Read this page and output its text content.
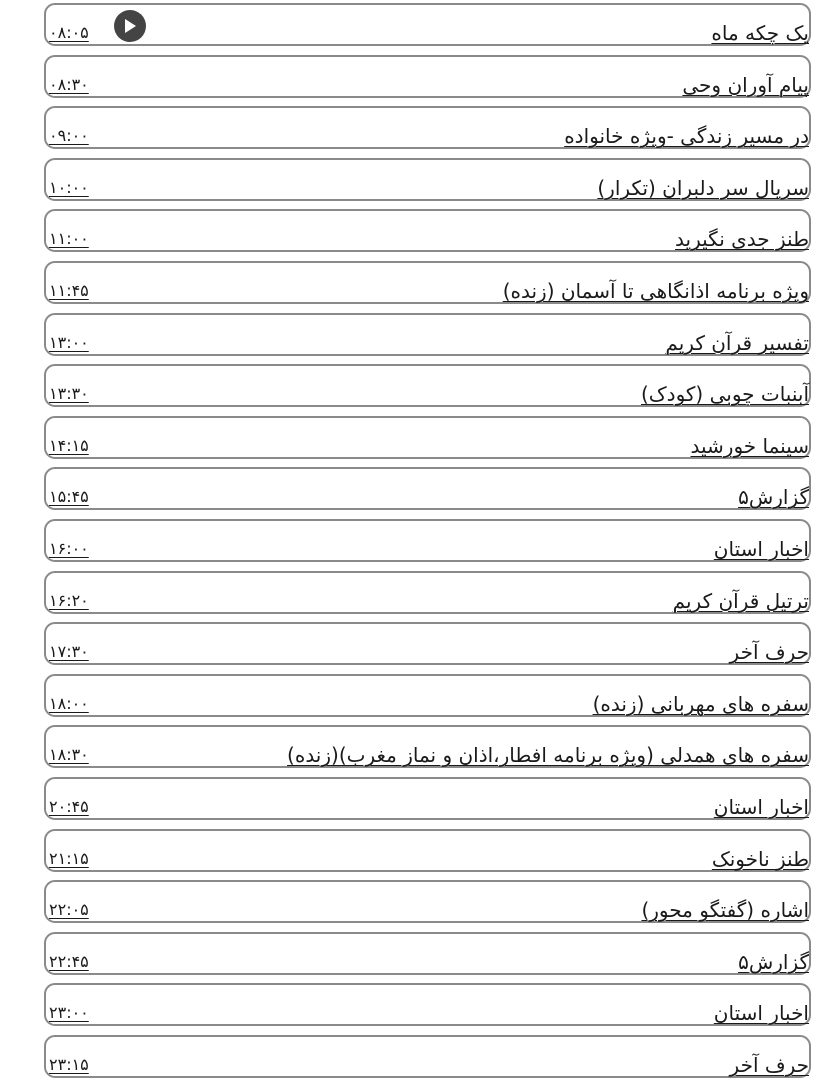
یک چکه ماه
۰۸:۰۵
پیام آوران وحی
۰۸:۳۰
در مسیر زندگی -ویژه خانواده
۰۹:۰۰
سریال سر دلبران (تکرار)
۱۰:۰۰
طنز جدی نگیرید
۱۱:۰۰
ویژه برنامه اذانگاهی تا آسمان (زنده)
۱۱:۴۵
تفسیر قرآن کریم
۱۳:۰۰
آبنبات چوبی (کودک)
۱۳:۳۰
سینما خورشید
۱۴:۱۵
گزارش۵
۱۵:۴۵
اخبار استان
۱۶:۰۰
ترتیل قرآن کریم
۱۶:۲۰
حرف آخر
۱۷:۳۰
سفره های مهربانی (زنده)
۱۸:۰۰
سفره های همدلی (ویژه برنامه افطار،اذان و نماز مغرب)(زنده)
۱۸:۳۰
اخبار استان
۲۰:۴۵
طنز ناخونک
۲۱:۱۵
اشاره (گفتگو محور)
۲۲:۰۵
گزارش۵
۲۲:۴۵
اخبار استان
۲۳:۰۰
حرف آخر
۲۳:۱۵
